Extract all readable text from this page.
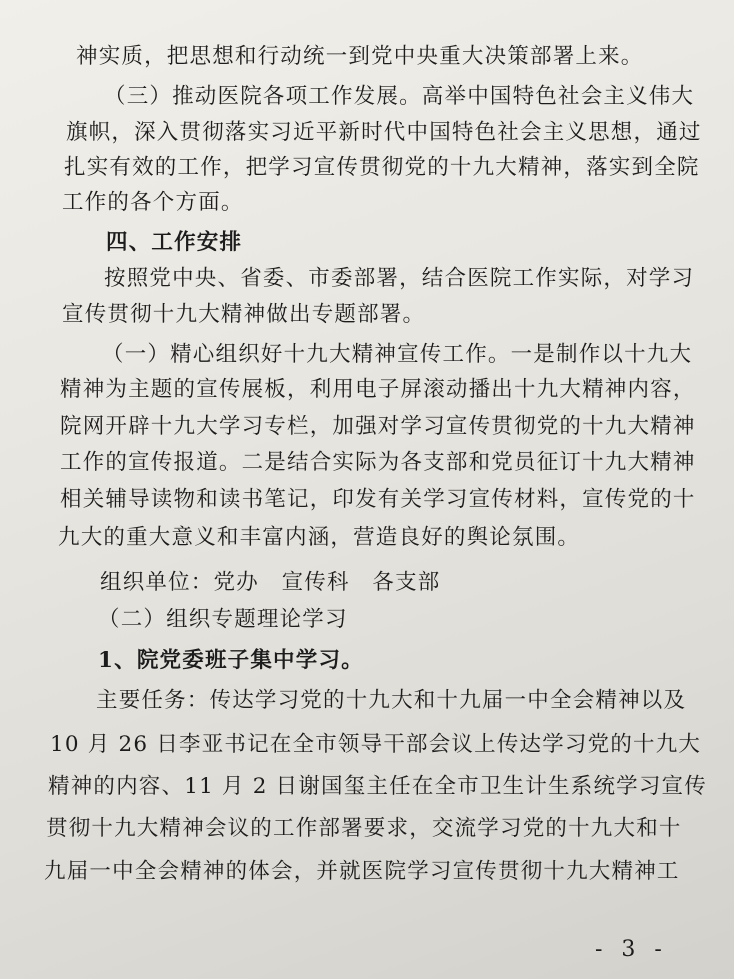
神实质，把思想和行动统一到党中央重大决策部署上来。
（三）推动医院各项工作发展。高举中国特色社会主义伟大
旗帜，深入贯彻落实习近平新时代中国特色社会主义思想，通过
扎实有效的工作，把学习宣传贯彻党的十九大精神，落实到全院
工作的各个方面。
四、工作安排
按照党中央、省委、市委部署，结合医院工作实际，对学习
宣传贯彻十九大精神做出专题部署。
（一）精心组织好十九大精神宣传工作。一是制作以十九大
精神为主题的宣传展板，利用电子屏滚动播出十九大精神内容，
院网开辟十九大学习专栏，加强对学习宣传贯彻党的十九大精神
工作的宣传报道。二是结合实际为各支部和党员征订十九大精神
相关辅导读物和读书笔记，印发有关学习宣传材料，宣传党的十
九大的重大意义和丰富内涵，营造良好的舆论氛围。
组织单位：党办　宣传科　各支部
（二）组织专题理论学习
1、院党委班子集中学习。
主要任务：传达学习党的十九大和十九届一中全会精神以及
10 月 26 日李亚书记在全市领导干部会议上传达学习党的十九大
精神的内容、11 月 2 日谢国玺主任在全市卫生计生系统学习宣传
贯彻十九大精神会议的工作部署要求，交流学习党的十九大和十
九届一中全会精神的体会，并就医院学习宣传贯彻十九大精神工
- 3 -
